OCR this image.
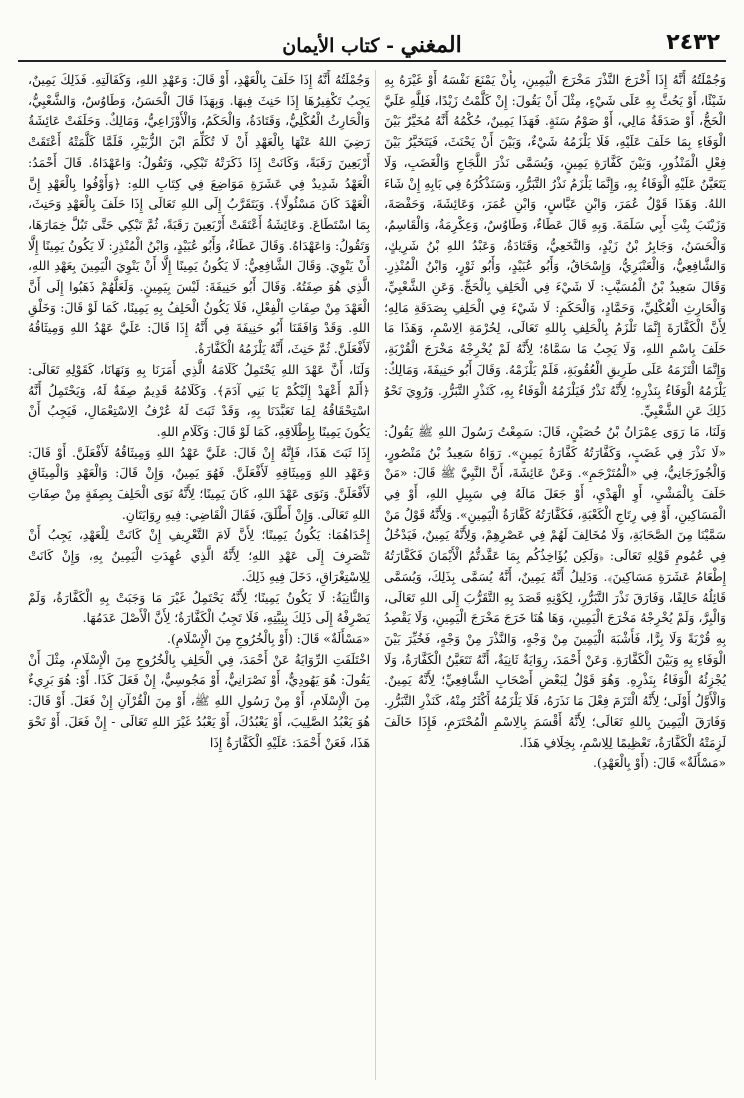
٢٤٣٢
المغني - كتاب الأيمان

وَجُمْلَتُهُ أَنَّهُ إِذَا أَخْرَجَ النَّذْرَ مَخْرَجَ الْيَمِينِ، بِأَنْ يَمْنَعَ نَفْسَهُ أَوْ غَيْرَهُ بِهِ شَيْئًا، أَوْ يَحُثَّ بِهِ عَلَى شَيْءٍ، مِثْلَ أَنْ يَقُولَ: إِنْ كَلَّمْتُ زَيْدًا، فَلِلَّهِ عَلَيَّ الْحَجُّ، أَوْ صَدَقَةُ مَالِي، أَوْ صَوْمُ سَنَةٍ. فَهَذَا يَمِينٌ، حُكْمُهُ أَنَّهُ مُخَيَّرٌ بَيْنَ الْوَفَاءِ بِمَا حَلَفَ عَلَيْهِ، فَلَا يَلْزَمُهُ شَيْءٌ، وَبَيْنَ أَنْ يَحْنَثَ، فَيَتَخَيَّرُ بَيْنَ فِعْلِ الْمَنْذُورِ، وَبَيْنَ كَفَّارَةِ يَمِينٍ، وَيُسَمَّى نَذْرَ اللَّجَاجِ وَالْغَضَبِ، وَلَا يَتَعَيَّنُ عَلَيْهِ الْوَفَاءُ بِهِ، وَإِنَّمَا يَلْزَمُ نَذْرُ التَّبَرُّرِ، وَسَنَذْكُرُهُ فِي بَابِهِ إِنْ شَاءَ اللهُ. وَهَذَا قَوْلُ عُمَرَ، وَابْنِ عَبَّاسٍ، وَابْنِ عُمَرَ، وَعَائِشَةَ، وَحَفْصَةَ، وَزَيْنَبَ بِنْتِ أَبِي سَلَمَةَ. وَبِهِ قَالَ عَطَاءٌ، وَطَاوُسٌ، وَعِكْرِمَةُ، وَالْقَاسِمُ، وَالْحَسَنُ، وَجَابِرُ بْنُ زَيْدٍ، وَالنَّخَعِيُّ، وَقَتَادَةُ، وَعَبْدُ اللهِ بْنُ شَرِيكٍ، وَالشَّافِعِيُّ، وَالْعَنْبَرِيُّ، وَإِسْحَاقُ، وَأَبُو عُبَيْدٍ، وَأَبُو ثَوْرٍ، وَابْنُ الْمُنْذِرِ. وَقَالَ سَعِيدُ بْنُ الْمُسَيَّبِ: لَا شَيْءَ فِي الْحَلِفِ بِالْحَجِّ. وَعَنِ الشَّعْبِيِّ، وَالْحَارِثِ الْعُكْلِيِّ، وَحَمَّادٍ، وَالْحَكَمِ: لَا شَيْءَ فِي الْحَلِفِ بِصَدَقَةِ مَالِهِ؛ لِأَنَّ الْكَفَّارَةَ إِنَّمَا تَلْزَمُ بِالْحَلِفِ بِاللهِ تَعَالَى، لِحُرْمَةِ الِاسْمِ، وَهَذَا مَا حَلَفَ بِاسْمِ اللهِ، وَلَا يَجِبُ مَا سَمَّاهُ؛ لِأَنَّهُ لَمْ يُخْرِجْهُ مَخْرَجَ الْقُرْبَةِ، وَإِنَّمَا الْتَزَمَهُ عَلَى طَرِيقِ الْعُقُوبَةِ، فَلَمْ يَلْزَمْهُ. وَقَالَ أَبُو حَنِيفَةَ، وَمَالِكٌ: يَلْزَمُهُ الْوَفَاءُ بِنَذْرِهِ؛ لِأَنَّهُ نَذْرٌ فَيَلْزَمُهُ الْوَفَاءُ بِهِ، كَنَذْرِ التَّبَرُّرِ. وَرُوِيَ نَحْوُ ذَلِكَ عَنِ الشَّعْبِيِّ.

وَلَنَا، مَا رَوَى عِمْرَانُ بْنُ حُصَيْنٍ، قَالَ: سَمِعْتُ رَسُولَ اللهِ ﷺ يَقُولُ: «لَا نَذْرَ فِي غَضَبٍ، وَكَفَّارَتُهُ كَفَّارَةُ يَمِينٍ». رَوَاهُ سَعِيدُ بْنُ مَنْصُورٍ، وَالْجُوزَجَانِيُّ، فِي «الْمُتَرْجَمِ». وَعَنْ عَائِشَةَ، أَنَّ النَّبِيَّ ﷺ قَالَ: «مَنْ حَلَفَ بِالْمَشْيِ، أَوِ الْهَدْيِ، أَوْ جَعَلَ مَالَهُ فِي سَبِيلِ اللهِ، أَوْ فِي الْمَسَاكِينِ، أَوْ فِي رِتَاجِ الْكَعْبَةِ، فَكَفَّارَتُهُ كَفَّارَةُ الْيَمِينِ». وَلِأَنَّهُ قَوْلُ مَنْ سَمَّيْنَا مِنَ الصَّحَابَةِ، وَلَا مُخَالِفَ لَهُمْ فِي عَصْرِهِمْ، وَلِأَنَّهُ يَمِينٌ، فَيَدْخُلُ فِي عُمُومِ قَوْلِهِ تَعَالَى: ﴿وَلَكِن يُؤَاخِذُكُم بِمَا عَقَّدتُّمُ الْأَيْمَانَ فَكَفَّارَتُهُ إِطْعَامُ عَشَرَةِ مَسَاكِينَ﴾. وَدَلِيلُ أَنَّهُ يَمِينٌ، أَنَّهُ يُسَمَّى بِذَلِكَ، وَيُسَمَّى قَائِلُهُ حَالِفًا، وَفَارَقَ نَذْرَ التَّبَرُّرِ، لِكَوْنِهِ قَصَدَ بِهِ التَّقَرُّبَ إِلَى اللهِ تَعَالَى، وَالْبِرَّ، وَلَمْ يُخْرِجْهُ مَخْرَجَ الْيَمِينِ، وَهَا هُنَا خَرَجَ مَخْرَجَ الْيَمِينِ، وَلَا يَقْصِدُ بِهِ قُرْبَةً وَلَا بِرًّا، فَأَشْبَهَ الْيَمِينَ مِنْ وَجْهٍ، وَالنَّذْرَ مِنْ وَجْهٍ، فَخُيِّرَ بَيْنَ الْوَفَاءِ بِهِ وَبَيْنَ الْكَفَّارَةِ. وَعَنْ أَحْمَدَ، رِوَايَةٌ ثَانِيَةٌ، أَنَّهُ تَتَعَيَّنُ الْكَفَّارَةُ، وَلَا يُجْزِئُهُ الْوَفَاءُ بِنَذْرِهِ. وَهُوَ قَوْلٌ لِبَعْضِ أَصْحَابِ الشَّافِعِيِّ؛ لِأَنَّهُ يَمِينٌ. وَالْأَوَّلُ أَوْلَى؛ لِأَنَّهُ الْتَزَمَ فِعْلَ مَا نَذَرَهُ، فَلَا يَلْزَمُهُ أَكْثَرُ مِنْهُ، كَنَذْرِ التَّبَرُّرِ. وَفَارَقَ الْيَمِينَ بِاللهِ تَعَالَى؛ لِأَنَّهُ أَقْسَمَ بِالِاسْمِ الْمُحْتَرَمِ، فَإِذَا خَالَفَ لَزِمَتْهُ الْكَفَّارَةُ، تَعْظِيمًا لِلِاسْمِ، بِخِلَافِ هَذَا.

«مَسْأَلَةٌ» قَالَ: (أَوْ بِالْعَهْدِ).

وَجُمْلَتُهُ أَنَّهُ إِذَا حَلَفَ بِالْعَهْدِ، أَوْ قَالَ: وَعَهْدِ اللهِ، وَكَفَالَتِهِ. فَذَلِكَ يَمِينٌ، يَجِبُ تَكْفِيرُهَا إِذَا حَنِثَ فِيهَا. وَبِهَذَا قَالَ الْحَسَنُ، وَطَاوُسٌ، وَالشَّعْبِيُّ، وَالْحَارِثُ الْعُكْلِيُّ، وَقَتَادَةُ، وَالْحَكَمُ، وَالْأَوْزَاعِيُّ، وَمَالِكٌ. وَحَلَفَتْ عَائِشَةُ رَضِيَ اللهُ عَنْهَا بِالْعَهْدِ أَنْ لَا تُكَلِّمَ ابْنَ الزُّبَيْرِ، فَلَمَّا كَلَّمَتْهُ أَعْتَقَتْ أَرْبَعِينَ رَقَبَةً، وَكَانَتْ إِذَا ذَكَرَتْهُ تَبْكِي، وَتَقُولُ: وَاعَهْدَاهُ. قَالَ أَحْمَدُ: الْعَهْدُ شَدِيدٌ فِي عَشَرَةِ مَوَاضِعَ فِي كِتَابِ اللهِ: ﴿وَأَوْفُوا بِالْعَهْدِ إِنَّ الْعَهْدَ كَانَ مَسْئُولًا﴾. وَيَتَقَرَّبُ إِلَى اللهِ تَعَالَى إِذَا حَلَفَ بِالْعَهْدِ وَحَنِثَ، بِمَا اسْتَطَاعَ. وَعَائِشَةُ أَعْتَقَتْ أَرْبَعِينَ رَقَبَةً، ثُمَّ تَبْكِي حَتَّى تَبُلَّ خِمَارَهَا، وَتَقُولُ: وَاعَهْدَاهُ. وَقَالَ عَطَاءٌ، وَأَبُو عُبَيْدٍ، وَابْنُ الْمُنْذِرِ: لَا يَكُونُ يَمِينًا إِلَّا أَنْ يَنْوِيَ. وَقَالَ الشَّافِعِيُّ: لَا يَكُونُ يَمِينًا إِلَّا أَنْ يَنْوِيَ الْيَمِينَ بِعَهْدِ اللهِ، الَّذِي هُوَ صِفَتُهُ. وَقَالَ أَبُو حَنِيفَةَ: لَيْسَ بِيَمِينٍ. وَلَعَلَّهُمْ ذَهَبُوا إِلَى أَنَّ الْعَهْدَ مِنْ صِفَاتِ الْفِعْلِ، فَلَا يَكُونُ الْحَلِفُ بِهِ يَمِينًا، كَمَا لَوْ قَالَ: وَخَلْقِ اللهِ. وَقَدْ وَافَقَنَا أَبُو حَنِيفَةَ فِي أَنَّهُ إِذَا قَالَ: عَلَيَّ عَهْدُ اللهِ وَمِيثَاقُهُ لَأَفْعَلَنَّ. ثُمَّ حَنِثَ، أَنَّهُ يَلْزَمُهُ الْكَفَّارَةُ.

وَلَنَا، أَنَّ عَهْدَ اللهِ يَحْتَمِلُ كَلَامَهُ الَّذِي أَمَرَنَا بِهِ وَنَهَانَا، كَقَوْلِهِ تَعَالَى: ﴿أَلَمْ أَعْهَدْ إِلَيْكُمْ يَا بَنِي آدَمَ﴾. وَكَلَامُهُ قَدِيمٌ صِفَةٌ لَهُ، وَيَحْتَمِلُ أَنَّهُ اسْتِحْقَاقُهُ لِمَا تَعَبَّدَنَا بِهِ، وَقَدْ ثَبَتَ لَهُ عُرْفُ الِاسْتِعْمَالِ، فَيَجِبُ أَنْ يَكُونَ يَمِينًا بِإِطْلَاقِهِ، كَمَا لَوْ قَالَ: وَكَلَامِ اللهِ.

إِذَا ثَبَتَ هَذَا، فَإِنَّهُ إِنْ قَالَ: عَلَيَّ عَهْدُ اللهِ وَمِيثَاقُهُ لَأَفْعَلَنَّ. أَوْ قَالَ: وَعَهْدِ اللهِ وَمِيثَاقِهِ لَأَفْعَلَنَّ. فَهُوَ يَمِينٌ، وَإِنْ قَالَ: وَالْعَهْدِ وَالْمِيثَاقِ لَأَفْعَلَنَّ. وَنَوَى عَهْدَ اللهِ، كَانَ يَمِينًا؛ لِأَنَّهُ نَوَى الْحَلِفَ بِصِفَةٍ مِنْ صِفَاتِ اللهِ تَعَالَى. وَإِنْ أَطْلَقَ، فَقَالَ الْقَاضِي: فِيهِ رِوَايَتَانِ.

إِحْدَاهُمَا: يَكُونُ يَمِينًا؛ لِأَنَّ لَامَ التَّعْرِيفِ إِنْ كَانَتْ لِلْعَهْدِ، يَجِبُ أَنْ تَنْصَرِفَ إِلَى عَهْدِ اللهِ؛ لِأَنَّهُ الَّذِي عُهِدَتِ الْيَمِينُ بِهِ، وَإِنْ كَانَتْ لِلِاسْتِغْرَاقِ، دَخَلَ فِيهِ ذَلِكَ.

وَالثَّانِيَةُ: لَا يَكُونُ يَمِينًا؛ لِأَنَّهُ يَحْتَمِلُ غَيْرَ مَا وَجَبَتْ بِهِ الْكَفَّارَةُ، وَلَمْ يَصْرِفْهُ إِلَى ذَلِكَ بِنِيَّتِهِ، فَلَا تَجِبُ الْكَفَّارَةُ؛ لِأَنَّ الْأَصْلَ عَدَمُهَا.

«مَسْأَلَةٌ» قَالَ: (أَوْ بِالْخُرُوجِ مِنَ الْإِسْلَامِ).

اخْتَلَفَتِ الرِّوَايَةُ عَنْ أَحْمَدَ، فِي الْحَلِفِ بِالْخُرُوجِ مِنَ الْإِسْلَامِ، مِثْلَ أَنْ يَقُولَ: هُوَ يَهُودِيٌّ، أَوْ نَصْرَانِيٌّ، أَوْ مَجُوسِيٌّ، إِنْ فَعَلَ كَذَا. أَوْ: هُوَ بَرِيءٌ مِنَ الْإِسْلَامِ، أَوْ مِنْ رَسُولِ اللهِ ﷺ، أَوْ مِنَ الْقُرْآنِ إِنْ فَعَلَ. أَوْ قَالَ: هُوَ يَعْبُدُ الصَّلِيبَ، أَوْ يَعْبُدُكَ، أَوْ يَعْبُدُ غَيْرَ اللهِ تَعَالَى - إِنْ فَعَلَ. أَوْ نَحْوَ هَذَا، فَعَنْ أَحْمَدَ: عَلَيْهِ الْكَفَّارَةُ إِذَا
